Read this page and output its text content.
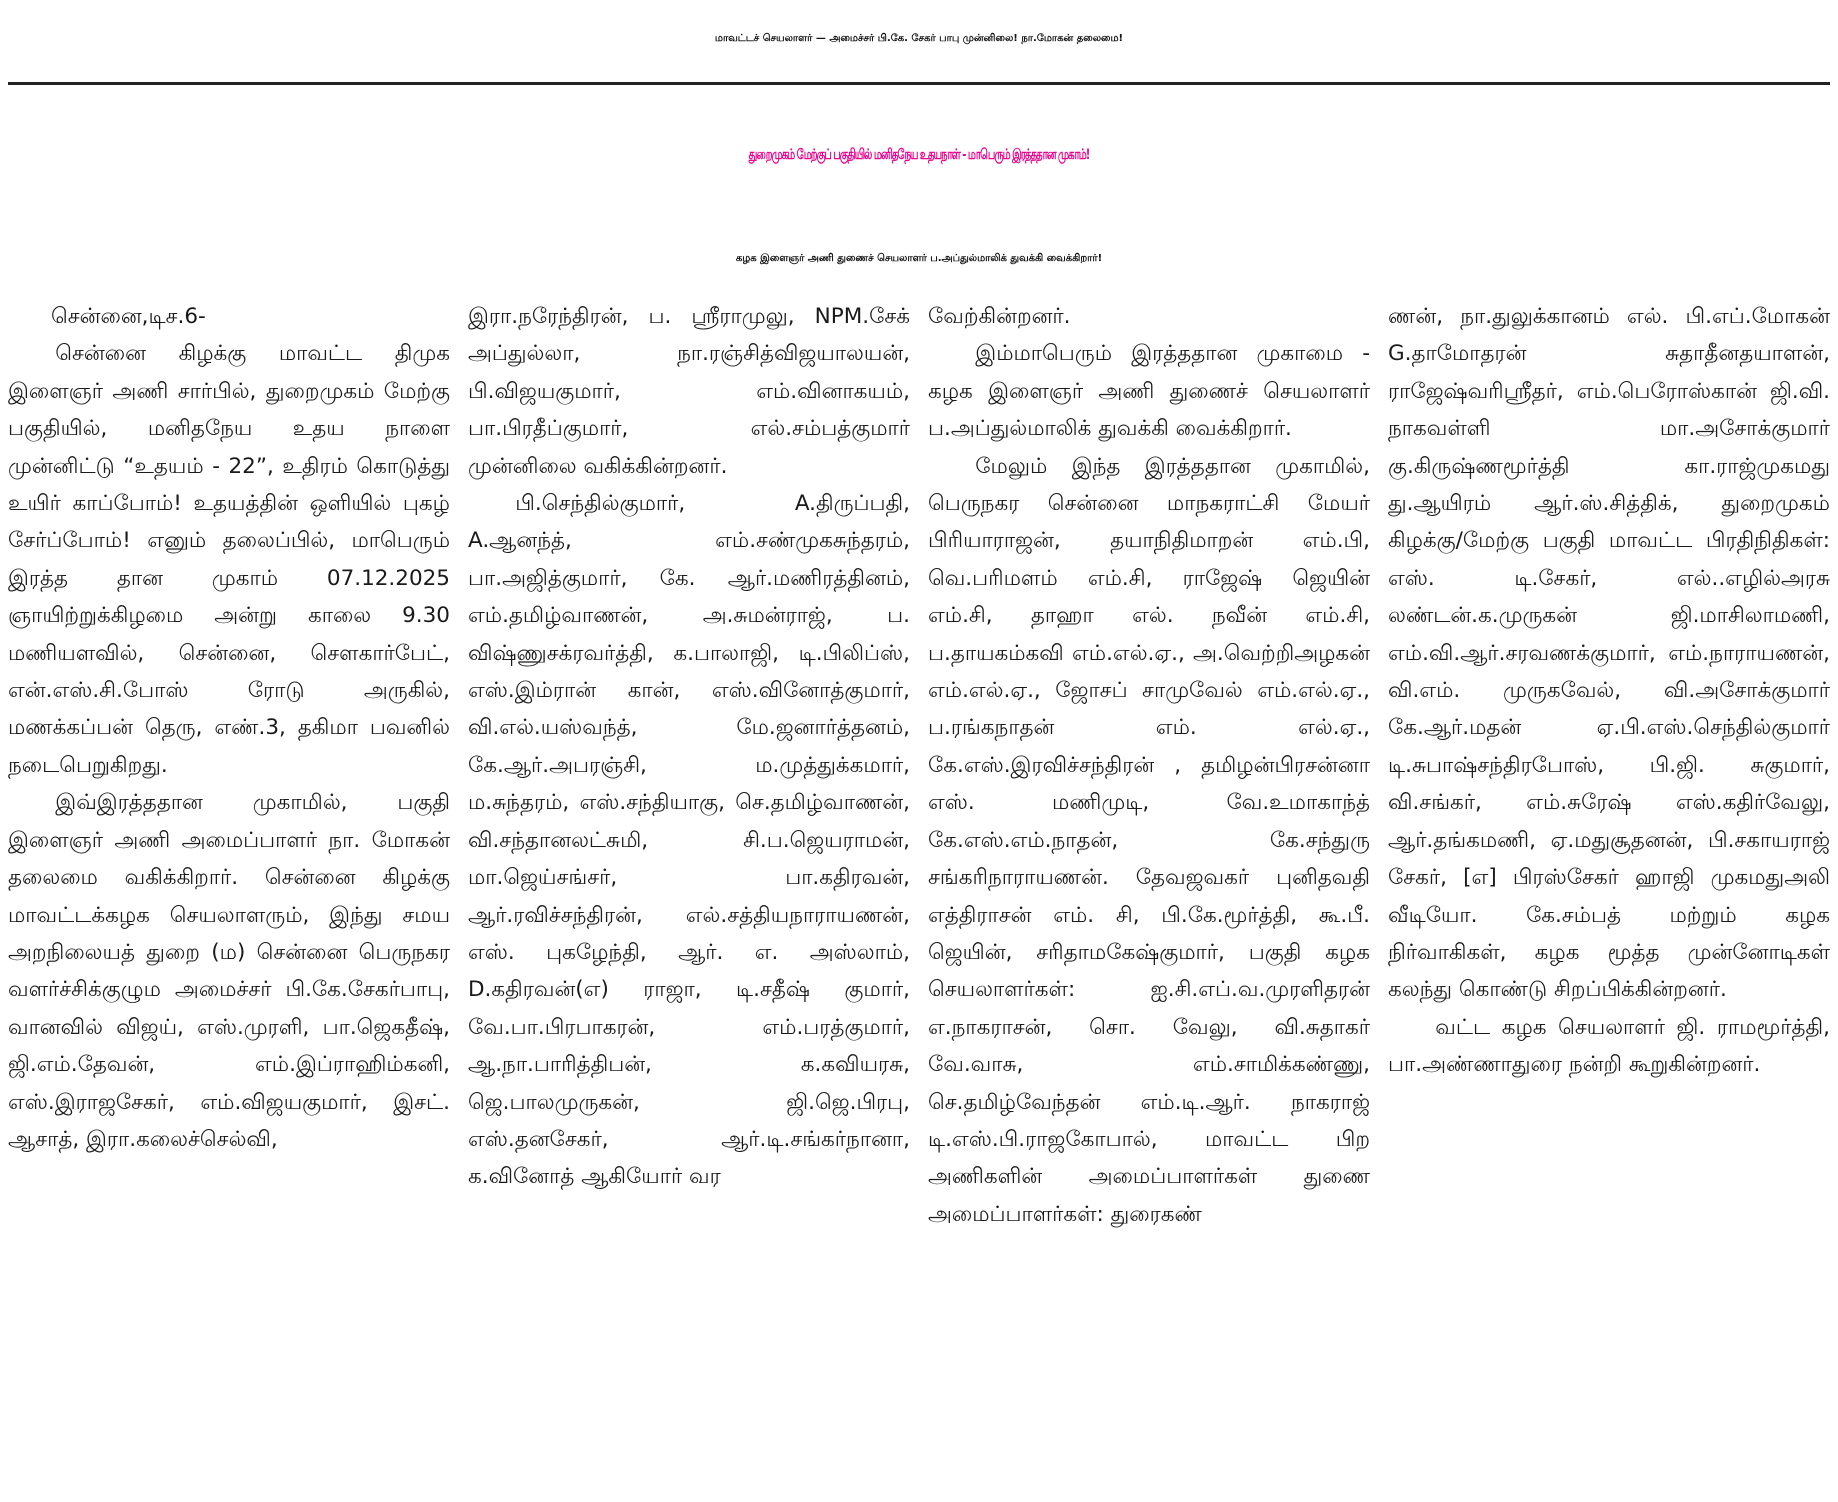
மாவட்டச் செயலாளர் — அமைச்சர் பி.கே. சேகர் பாபு முன்னிலை! நா.மோகன் தலைமை!
துறைமுகம் மேற்குப் பகுதியில் மனிதநேய உதயநாள் - மாபெரும் இரத்ததான முகாம்!
கழக இளைஞர் அணி துணைச் செயலாளர் ப.அப்துல்மாலிக் துவக்கி வைக்கிறார்!

சென்னை,டிச.6-

சென்னை கிழக்கு மாவட்ட திமுக இளைஞர் அணி சார்பில், துறைமுகம் மேற்கு பகுதியில், மனிதநேய உதய நாளை முன்னிட்டு “உதயம் - 22”, உதிரம் கொடுத்து உயிர் காப்போம்! உதயத்தின் ஒளியில் புகழ் சேர்ப்போம்! எனும் தலைப்பில், மாபெரும் இரத்த தான முகாம் 07.12.2025 ஞாயிற்றுக்கிழமை அன்று காலை 9.30 மணியளவில், சென்னை, சௌகார்பேட், என்.எஸ்.சி.போஸ் ரோடு அருகில், மணக்கப்பன் தெரு, எண்.3, தகிமா பவனில் நடைபெறுகிறது.

இவ்இரத்ததான முகாமில், பகுதி இளைஞர் அணி அமைப்பாளர் நா. மோகன் தலைமை வகிக்கிறார். சென்னை கிழக்கு மாவட்டக்கழக செயலாளரும், இந்து சமய அறநிலையத் துறை (ம) சென்னை பெருநகர வளர்ச்சிக்குழும அமைச்சர் பி.கே.சேகர்பாபு, வானவில் விஜய், எஸ்.முரளி, பா.ஜெகதீஷ், ஜி.எம்.தேவன், எம்.இப்ராஹிம்கனி, எஸ்.இராஜசேகர், எம்.விஜயகுமார், இசட். ஆசாத், இரா.கலைச்செல்வி,

இரா.நரேந்திரன், ப. ஸ்ரீராமுலு, NPM.சேக் அப்துல்லா, நா.ரஞ்சித்விஜயாலயன், பி.விஜயகுமார், எம்.வினாகயம், பா.பிரதீப்குமார், எல்.சம்பத்குமார் முன்னிலை வகிக்கின்றனர்.

பி.செந்தில்குமார், A.திருப்பதி, A.ஆனந்த், எம்.சண்முகசுந்தரம், பா.அஜித்குமார், கே. ஆர்.மணிரத்தினம், எம்.தமிழ்வாணன், அ.சுமன்ராஜ், ப. விஷ்ணுசக்ரவர்த்தி, க.பாலாஜி, டி.பிலிப்ஸ், எஸ்.இம்ரான் கான், எஸ்.வினோத்குமார், வி.எல்.யஸ்வந்த், மே.ஜனார்த்தனம், கே.ஆர்.அபரஞ்சி, ம.முத்துக்கமார், ம.சுந்தரம், எஸ்.சந்தியாகு, செ.தமிழ்வாணன், வி.சந்தானலட்சுமி, சி.ப.ஜெயராமன், மா.ஜெய்சங்சர், பா.கதிரவன், ஆர்.ரவிச்சந்திரன், எல்.சத்தியநாராயணன், எஸ். புகழேந்தி, ஆர். எ. அஸ்லாம், D.கதிரவன்(எ) ராஜா, டி.சதீஷ் குமார், வே.பா.பிரபாகரன், எம்.பரத்குமார், ஆ.நா.பாரித்திபன், க.கவியரசு, ஜெ.பாலமுருகன், ஜி.ஜெ.பிரபு, எஸ்.தனசேகர், ஆர்.டி.சங்கர்நானா, க.வினோத் ஆகியோர் வர

வேற்கின்றனர்.

இம்மாபெரும் இரத்ததான முகாமை - கழக இளைஞர் அணி துணைச் செயலாளர் ப.அப்துல்மாலிக் துவக்கி வைக்கிறார்.

மேலும் இந்த இரத்ததான முகாமில், பெருநகர சென்னை மாநகராட்சி மேயர் பிரியாராஜன், தயாநிதிமாறன் எம்.பி, வெ.பரிமளம் எம்.சி, ராஜேஷ் ஜெயின் எம்.சி, தாஹா எல். நவீன் எம்.சி, ப.தாயகம்கவி எம்.எல்.ஏ., அ.வெற்றிஅழகன் எம்.எல்.ஏ., ஜோசப் சாமுவேல் எம்.எல்.ஏ., ப.ரங்கநாதன் எம். எல்.ஏ., கே.எஸ்.இரவிச்சந்திரன் , தமிழன்பிரசன்னா எஸ். மணிமுடி, வே.உமாகாந்த் கே.எஸ்.எம்.நாதன், கே.சந்துரு சங்கரிநாராயணன். தேவஜவகர் புனிதவதி எத்திராசன் எம். சி, பி.கே.மூர்த்தி, கூ.பீ. ஜெயின், சரிதாமகேஷ்குமார், பகுதி கழக செயலாளர்கள்: ஐ.சி.எப்.வ.முரளிதரன் எ.நாகராசன், சொ. வேலு, வி.சுதாகர் வே.வாசு, எம்.சாமிக்கண்ணு, செ.தமிழ்வேந்தன் எம்.டி.ஆர். நாகராஜ் டி.எஸ்.பி.ராஜகோபால், மாவட்ட பிற அணிகளின் அமைப்பாளர்கள் துணை அமைப்பாளர்கள்: துரைகண்

ணன், நா.துலுக்கானம் எல். பி.எப்.மோகன் G.தாமோதரன் சுதாதீனதயாளன், ராஜேஷ்வரிஸ்ரீதர், எம்.பெரோஸ்கான் ஜி.வி. நாகவள்ளி மா.அசோக்குமார் கு.கிருஷ்ணமூர்த்தி கா.ராஜ்முகமது து.ஆயிரம் ஆர்.ஸ்.சித்திக், துறைமுகம் கிழக்கு/மேற்கு பகுதி மாவட்ட பிரதிநிதிகள்: எஸ். டி.சேகர், எல்..எழில்அரசு லண்டன்.க.முருகன் ஜி.மாசிலாமணி, எம்.வி.ஆர்.சரவணக்குமார், எம்.நாராயணன், வி.எம். முருகவேல், வி.அசோக்குமார் கே.ஆர்.மதன் ஏ.பி.எஸ்.செந்தில்குமார் டி.சுபாஷ்சந்திரபோஸ், பி.ஜி. சுகுமார், வி.சங்கர், எம்.சுரேஷ் எஸ்.கதிர்வேலு, ஆர்.தங்கமணி, ஏ.மதுசூதனன், பி.சகாயராஜ் சேகர், [எ] பிரஸ்சேகர் ஹாஜி முகமதுஅலி வீடியோ. கே.சம்பத் மற்றும் கழக நிர்வாகிகள், கழக மூத்த முன்னோடிகள் கலந்து கொண்டு சிறப்பிக்கின்றனர்.

வட்ட கழக செயலாளர் ஜி. ராமமூர்த்தி, பா.அண்ணாதுரை நன்றி கூறுகின்றனர்.
